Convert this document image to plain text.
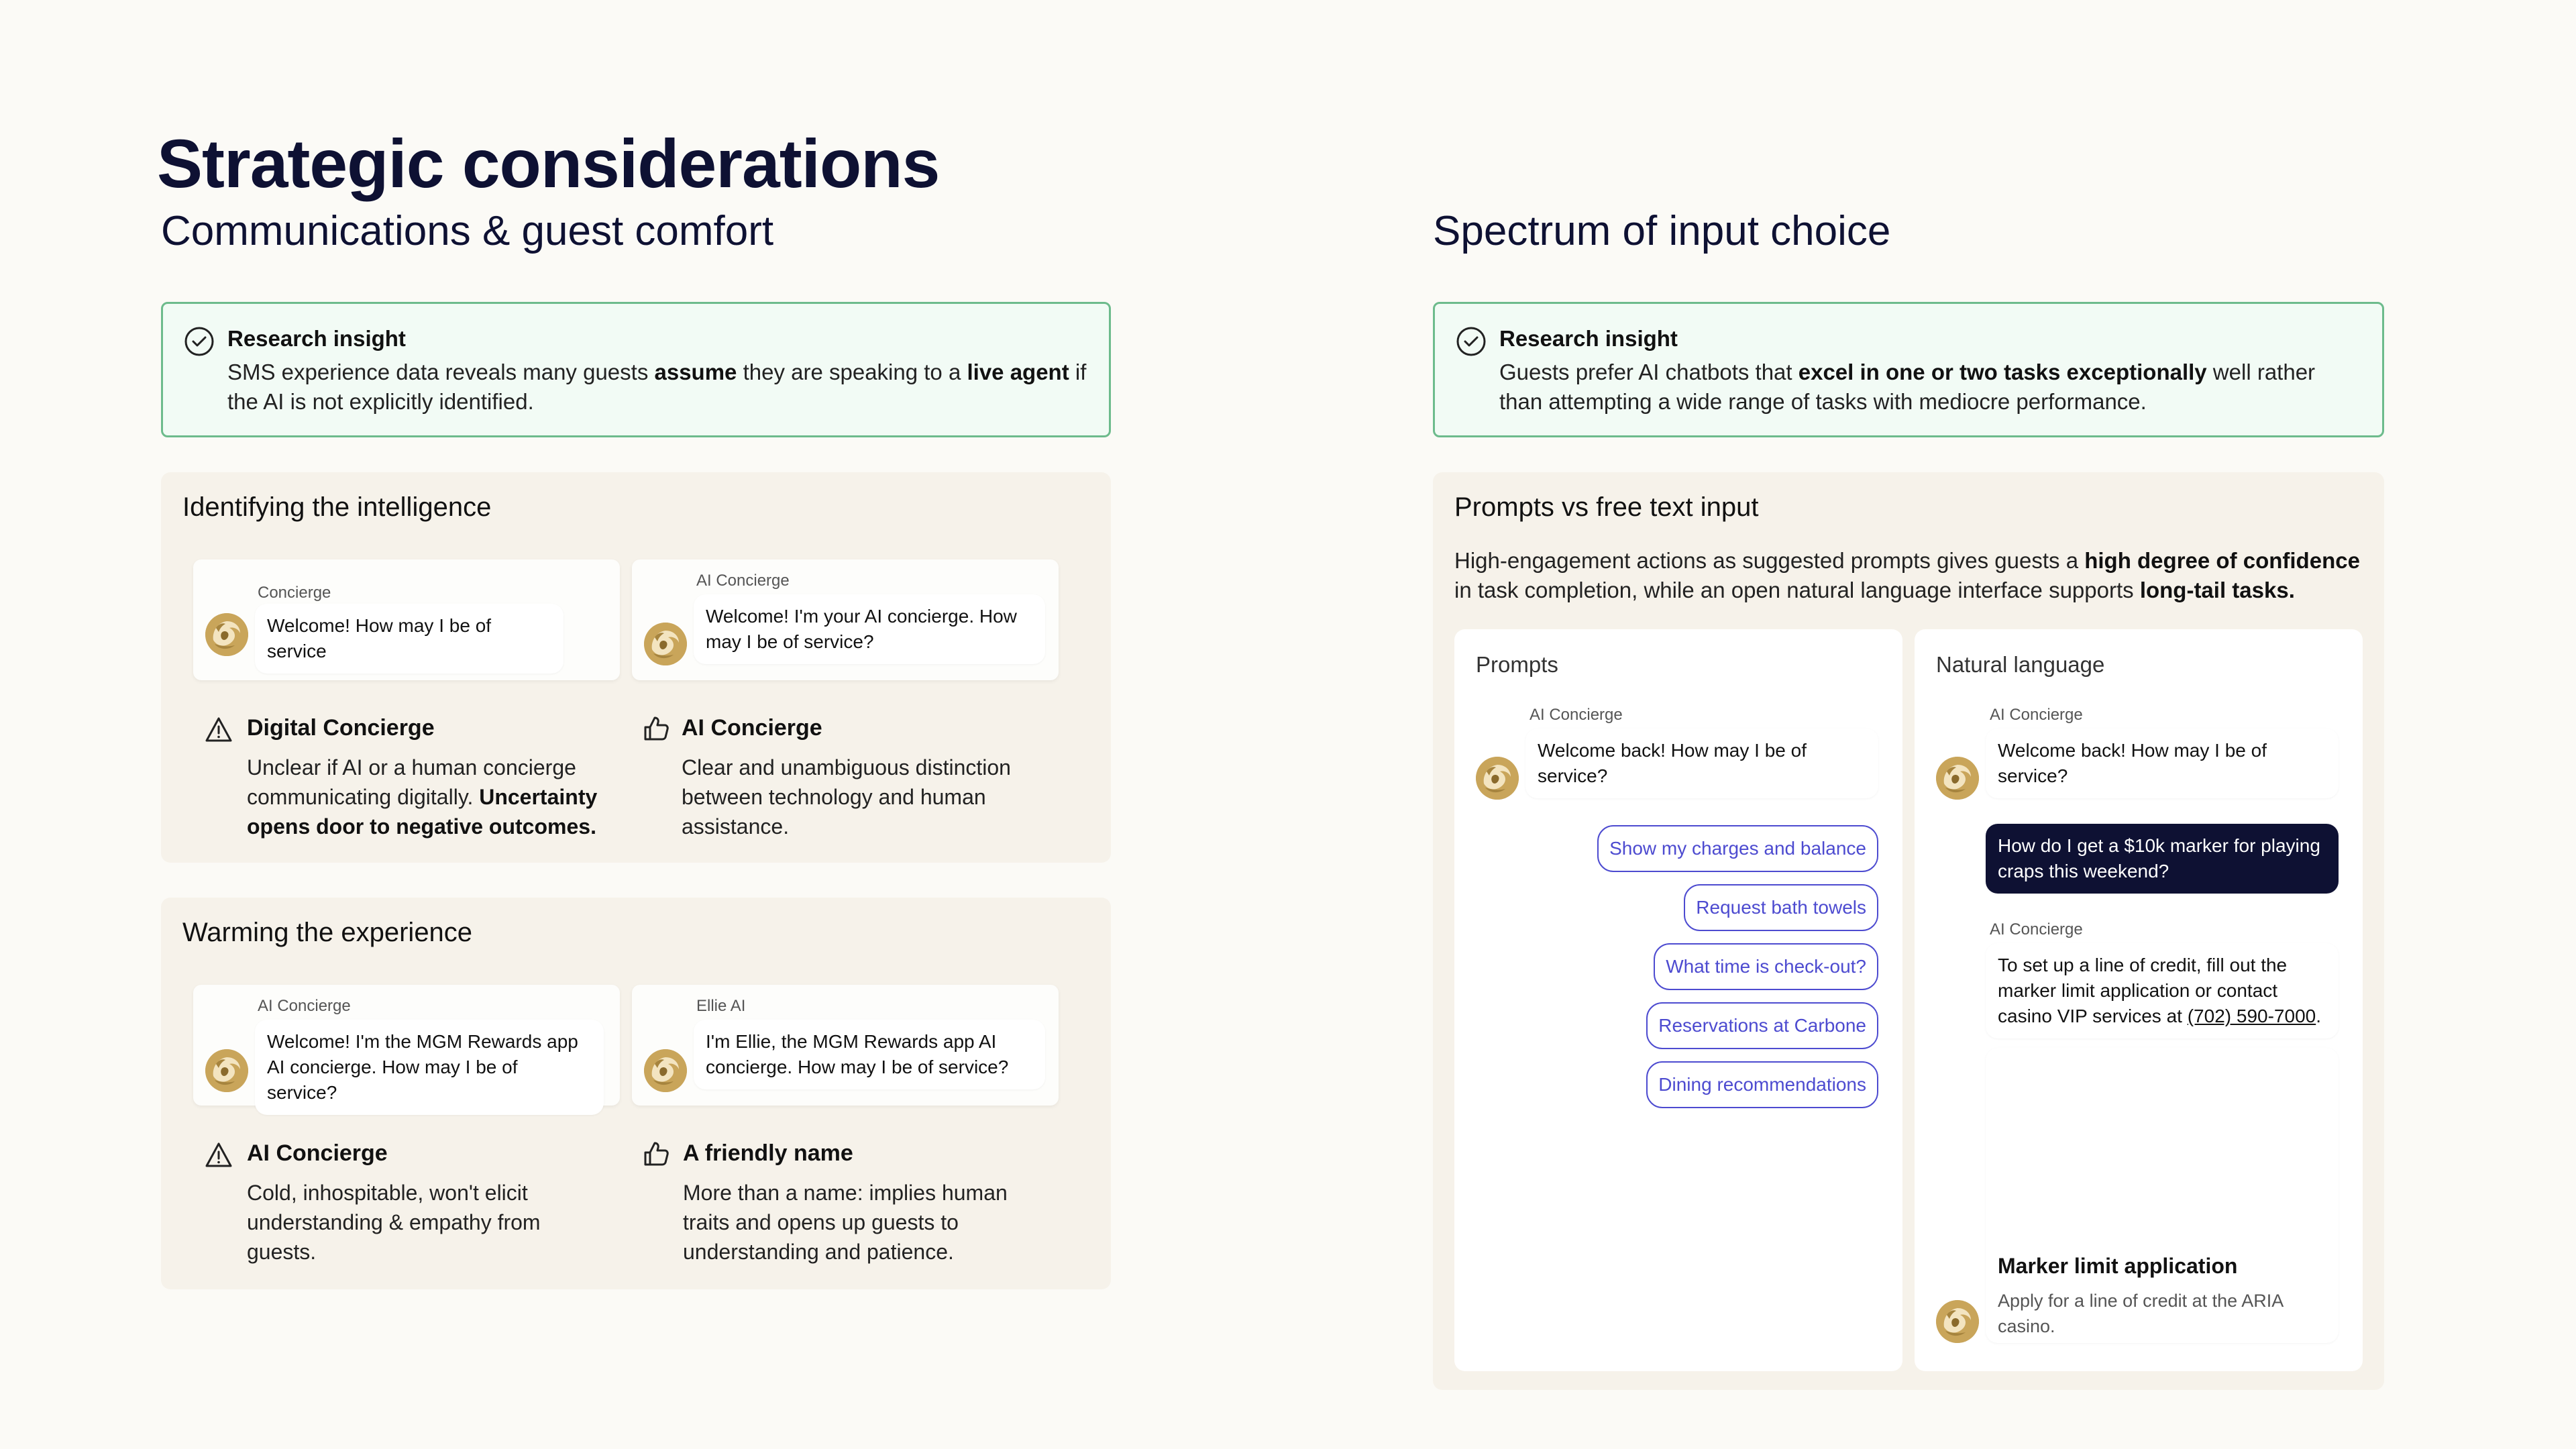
Strategic considerations
Communications & guest comfort
Research insight
SMS experience data reveals many guests assume they are speaking to a live agent if the AI is not explicitly identified.
Identifying the intelligence
Concierge
Welcome! How may I be of service
AI Concierge
Welcome! I'm your AI concierge. How may I be of service?
Digital Concierge
Unclear if AI or a human concierge communicating digitally. Uncertainty opens door to negative outcomes.
AI Concierge
Clear and unambiguous distinction between technology and human assistance.
Warming the experience
AI Concierge
Welcome! I'm the MGM Rewards app AI concierge. How may I be of service?
Ellie AI
I'm Ellie, the MGM Rewards app AI concierge. How may I be of service?
AI Concierge
Cold, inhospitable, won't elicit understanding & empathy from guests.
A friendly name
More than a name: implies human traits and opens up guests to understanding and patience.
Spectrum of input choice
Research insight
Guests prefer AI chatbots that excel in one or two tasks exceptionally well rather than attempting a wide range of tasks with mediocre performance.
Prompts vs free text input
High-engagement actions as suggested prompts gives guests a high degree of confidence in task completion, while an open natural language interface supports long-tail tasks.
Prompts
AI Concierge
Welcome back! How may I be of service?
Show my charges and balance
Request bath towels
What time is check-out?
Reservations at Carbone
Dining recommendations
Natural language
AI Concierge
Welcome back! How may I be of service?
How do I get a $10k marker for playing craps this weekend?
AI Concierge
To set up a line of credit, fill out the marker limit application or contact casino VIP services at (702) 590-7000.
Marker limit application
Apply for a line of credit at the ARIA casino.
